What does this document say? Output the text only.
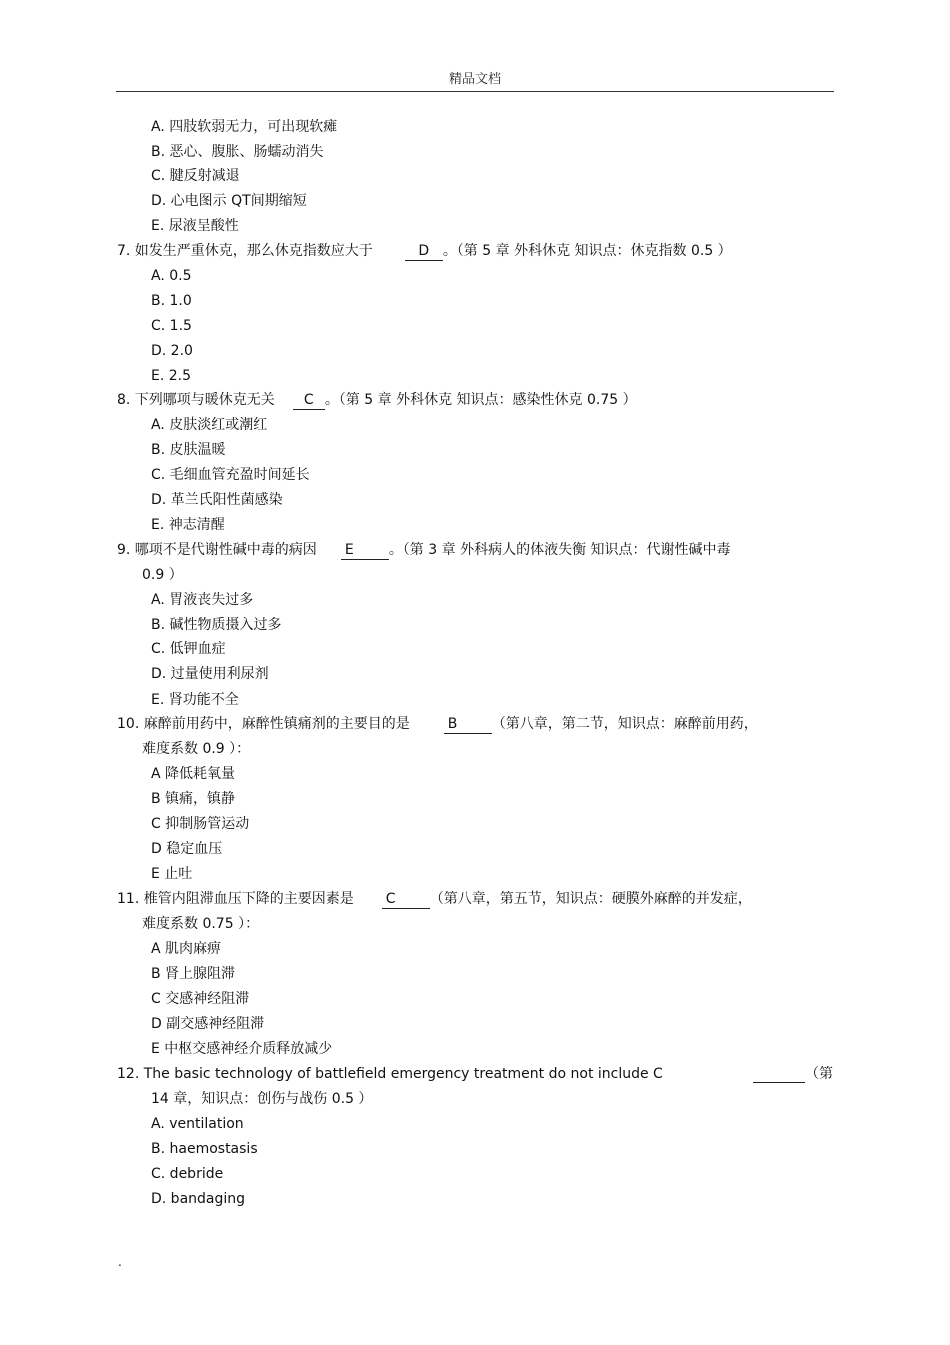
精品文档
A. 四肢软弱无力，可出现软瘫
B. 恶心、腹胀、肠蠕动消失
C. 腱反射减退
D. 心电图示 QT间期缩短
E. 尿液呈酸性
7. 如发生严重休克，那么休克指数应大于	D 。（第 5 章 外科休克 知识点：休克指数 0.5 ）
A. 0.5
B. 1.0
C. 1.5
D. 2.0
E. 2.5
8. 下列哪项与暖休克无关 C 。（第 5 章 外科休克 知识点：感染性休克 0.75 ）
A. 皮肤淡红或潮红
B. 皮肤温暖
C. 毛细血管充盈时间延长
D. 革兰氏阳性菌感染
E. 神志清醒
9. 哪项不是代谢性碱中毒的病因 E	。（第 3 章 外科病人的体液失衡 知识点：代谢性碱中毒
0.9 ）
A. 胃液丧失过多
B. 碱性物质摄入过多
C. 低钾血症
D. 过量使用利尿剂
E. 肾功能不全
10. 麻醉前用药中，麻醉性镇痛剂的主要目的是	B （第八章，第二节，知识点：麻醉前用药，
难度系数 0.9 ）：
A 降低耗氧量
B 镇痛，镇静
C 抑制肠管运动
D 稳定血压
E 止吐
11. 椎管内阻滞血压下降的主要因素是 C （第八章，第五节，知识点：硬膜外麻醉的并发症，
难度系数 0.75 ）：
A 肌肉麻痹
B 肾上腺阻滞
C 交感神经阻滞
D 副交感神经阻滞
E 中枢交感神经介质释放减少
12. The basic technology of battlefield emergency treatment do not include C	（第
14 章，知识点：创伤与战伤 0.5 ）
A. ventilation
B. haemostasis
C. debride
D. bandaging
.
